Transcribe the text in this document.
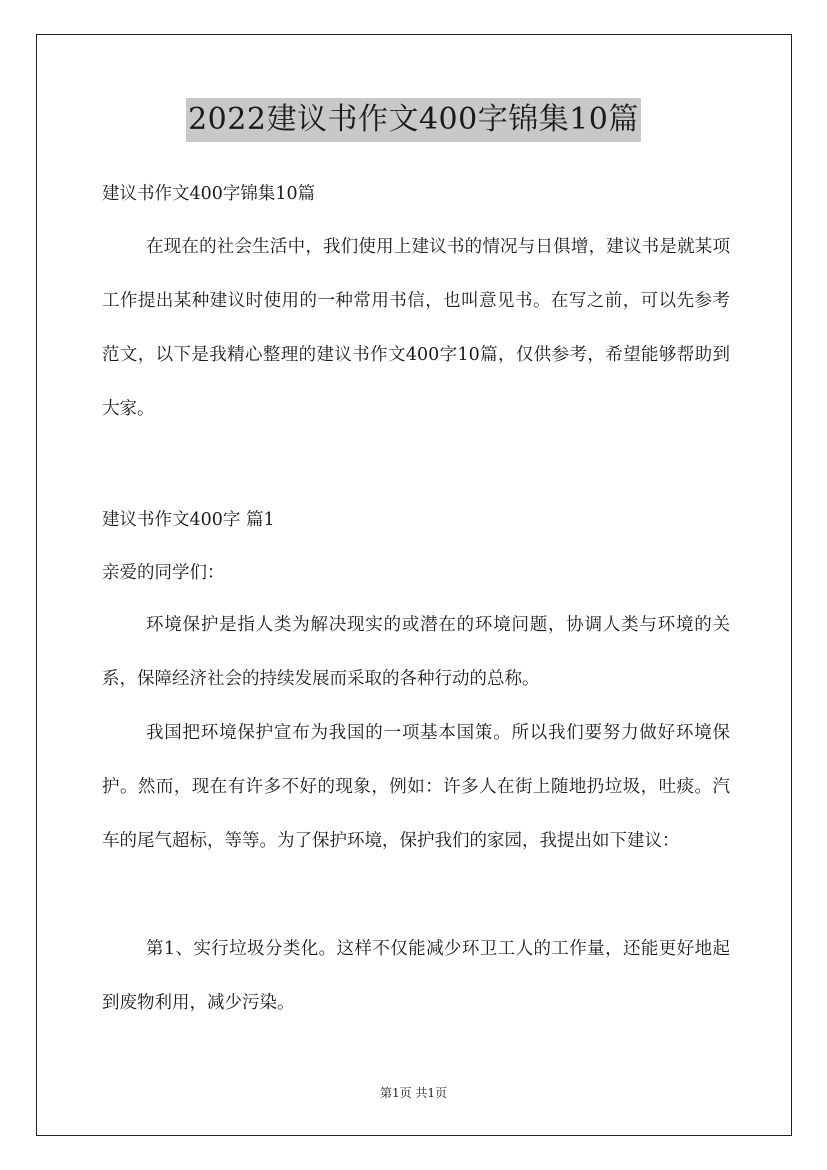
2022建议书作文400字锦集10篇

建议书作文400字锦集10篇

在现在的社会生活中，我们使用上建议书的情况与日俱增，建议书是就某项工作提出某种建议时使用的一种常用书信，也叫意见书。在写之前，可以先参考范文，以下是我精心整理的建议书作文400字10篇，仅供参考，希望能够帮助到大家。

建议书作文400字 篇1

亲爱的同学们：

环境保护是指人类为解决现实的或潜在的环境问题，协调人类与环境的关系，保障经济社会的持续发展而采取的各种行动的总称。

我国把环境保护宣布为我国的一项基本国策。所以我们要努力做好环境保护。然而，现在有许多不好的现象，例如：许多人在街上随地扔垃圾，吐痰。汽车的尾气超标，等等。为了保护环境，保护我们的家园，我提出如下建议：

第1、实行垃圾分类化。这样不仅能减少环卫工人的工作量，还能更好地起到废物利用，减少污染。

第1页 共1页
